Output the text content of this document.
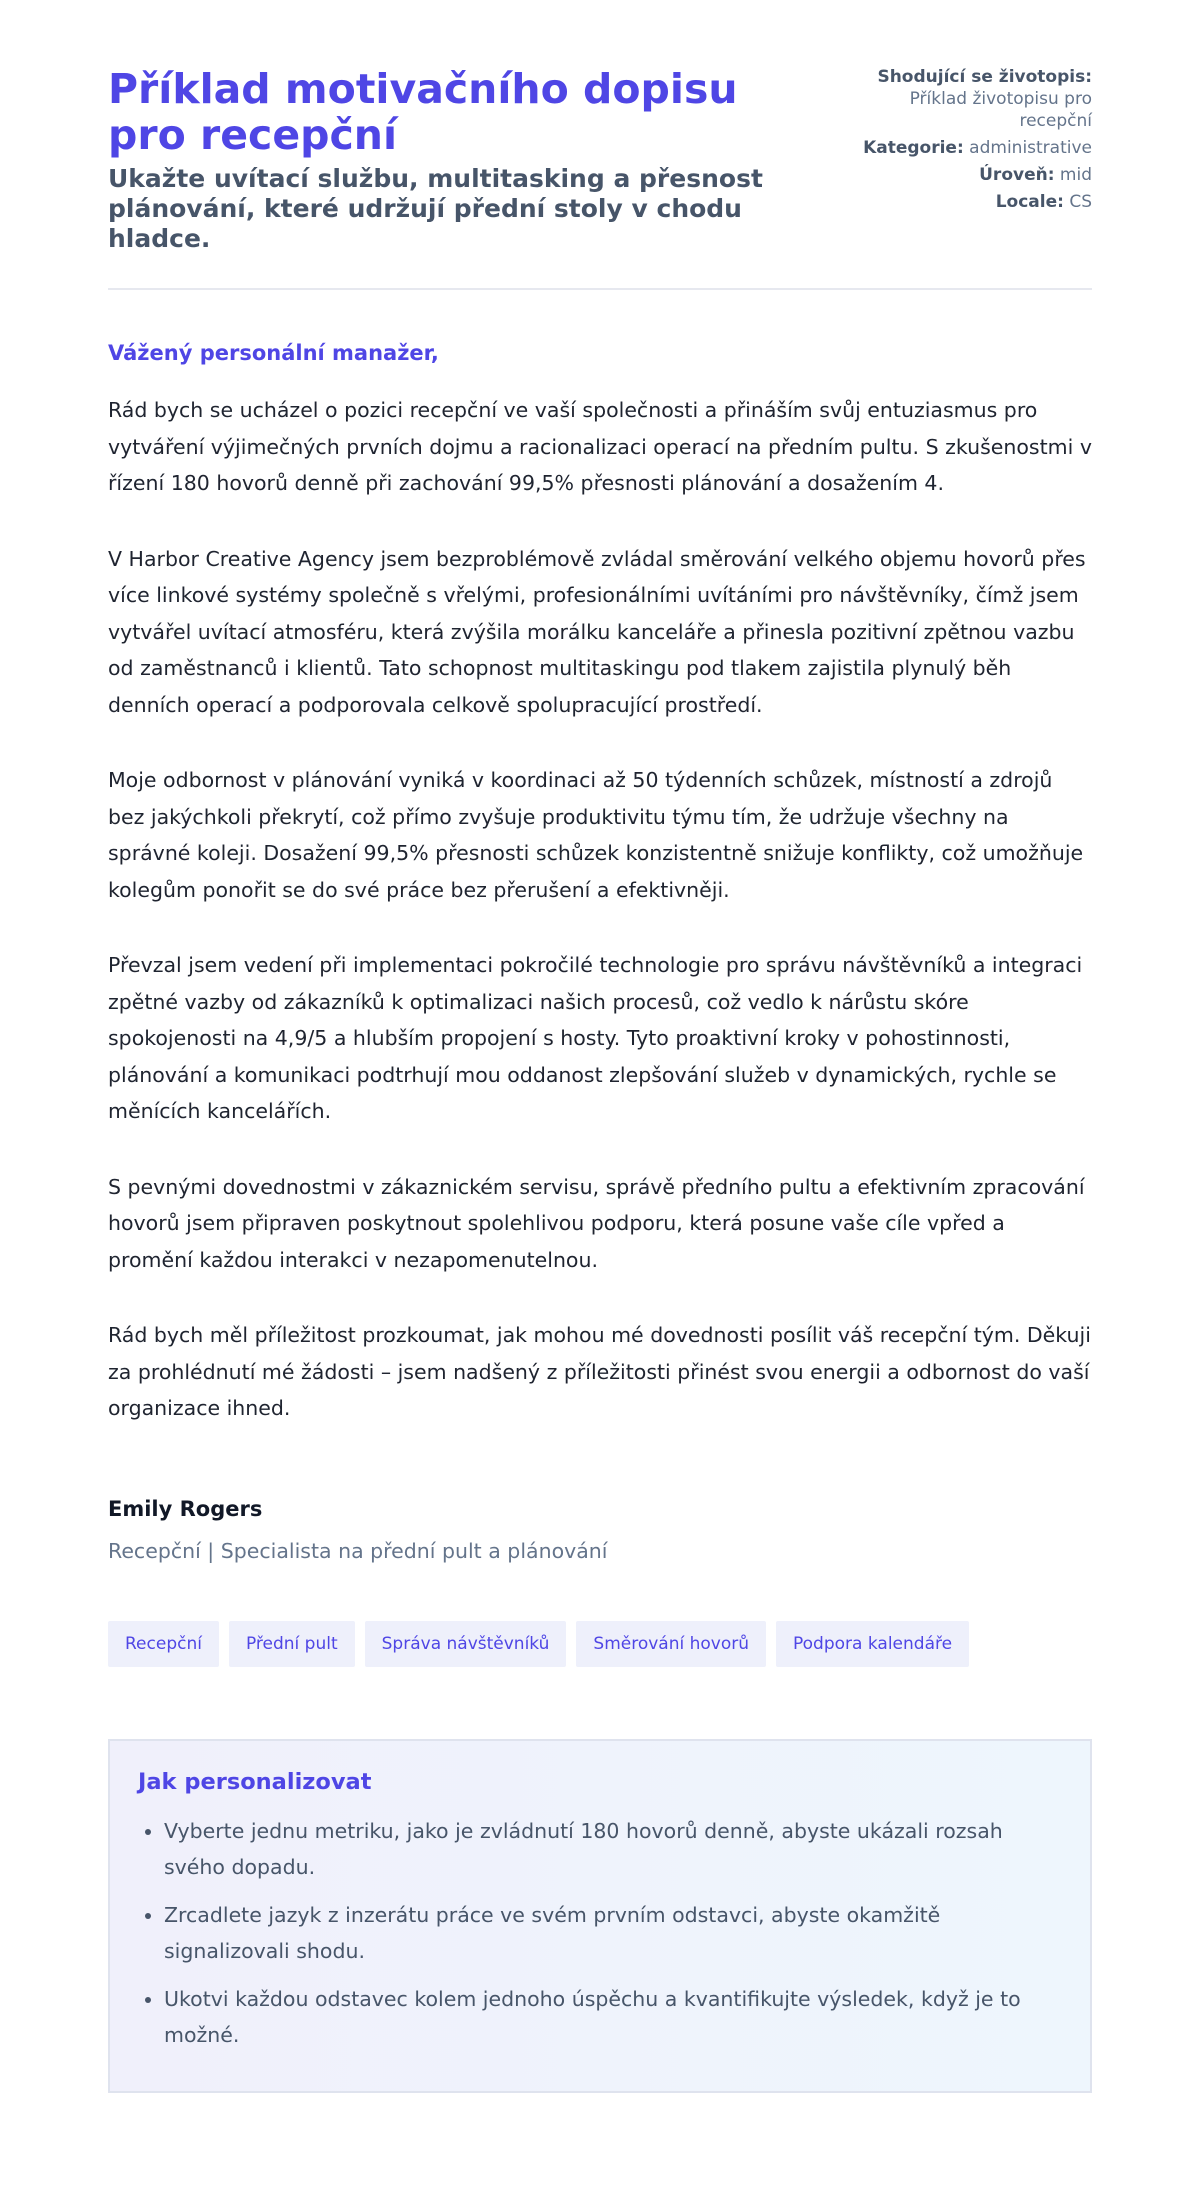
Příklad motivačního dopisu pro recepční
Ukažte uvítací službu, multitasking a přesnost plánování, které udržují přední stoly v chodu hladce.
Shodující se životopis:
Příklad životopisu pro recepční
Kategorie: administrative
Úroveň: mid
Locale: CS

Vážený personální manažer,

Rád bych se ucházel o pozici recepční ve vaší společnosti a přináším svůj entuziasmus pro vytváření výjimečných prvních dojmu a racionalizaci operací na předním pultu. S zkušenostmi v řízení 180 hovorů denně při zachování 99,5% přesnosti plánování a dosažením 4.

V Harbor Creative Agency jsem bezproblémově zvládal směrování velkého objemu hovorů přes více linkové systémy společně s vřelými, profesionálními uvítáními pro návštěvníky, čímž jsem vytvářel uvítací atmosféru, která zvýšila morálku kanceláře a přinesla pozitivní zpětnou vazbu od zaměstnanců i klientů. Tato schopnost multitaskingu pod tlakem zajistila plynulý běh denních operací a podporovala celkově spolupracující prostředí.

Moje odbornost v plánování vyniká v koordinaci až 50 týdenních schůzek, místností a zdrojů bez jakýchkoli překrytí, což přímo zvyšuje produktivitu týmu tím, že udržuje všechny na správné koleji. Dosažení 99,5% přesnosti schůzek konzistentně snižuje konflikty, což umožňuje kolegům ponořit se do své práce bez přerušení a efektivněji.

Převzal jsem vedení při implementaci pokročilé technologie pro správu návštěvníků a integraci zpětné vazby od zákazníků k optimalizaci našich procesů, což vedlo k nárůstu skóre spokojenosti na 4,9/5 a hlubším propojení s hosty. Tyto proaktivní kroky v pohostinnosti, plánování a komunikaci podtrhují mou oddanost zlepšování služeb v dynamických, rychle se měnících kancelářích.

S pevnými dovednostmi v zákaznickém servisu, správě předního pultu a efektivním zpracování hovorů jsem připraven poskytnout spolehlivou podporu, která posune vaše cíle vpřed a promění každou interakci v nezapomenutelnou.

Rád bych měl příležitost prozkoumat, jak mohou mé dovednosti posílit váš recepční tým. Děkuji za prohlédnutí mé žádosti – jsem nadšený z příležitosti přinést svou energii a odbornost do vaší organizace ihned.

Emily Rogers

Recepční | Specialista na přední pult a plánování

Recepční	Přední pult	Správa návštěvníků	Směrování hovorů	Podpora kalendáře
Jak personalizovat
• Vyberte jednu metriku, jako je zvládnutí 180 hovorů denně, abyste ukázali rozsah svého dopadu.
• Zrcadlete jazyk z inzerátu práce ve svém prvním odstavci, abyste okamžitě signalizovali shodu.
• Ukotvi každou odstavec kolem jednoho úspěchu a kvantifikujte výsledek, když je to možné.
